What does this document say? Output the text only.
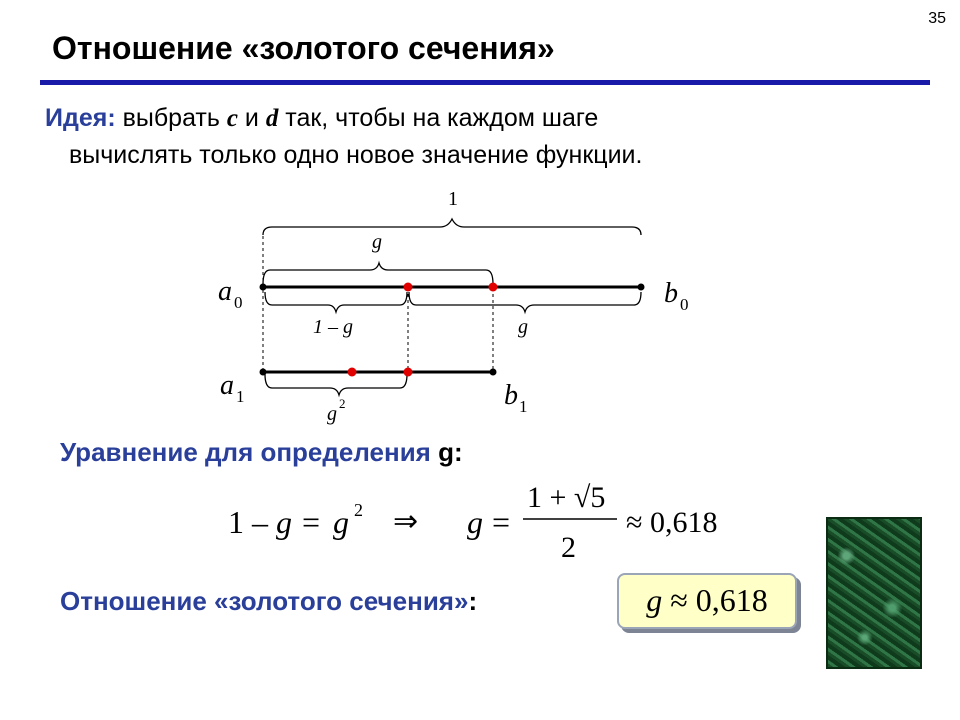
35
Отношение «золотого сечения»
Идея: выбрать c и d так, чтобы на каждом шаге
вычислять только одно новое значение функции.
1
g
1 – g	g
g 2
a 0	b 0
a 1	b 1
1 – g = g 2 ⇒ g =
1 + √5
2
≈ 0,618
Уравнение для определения g:
Отношение «золотого сечения»:	g ≈ 0,618
